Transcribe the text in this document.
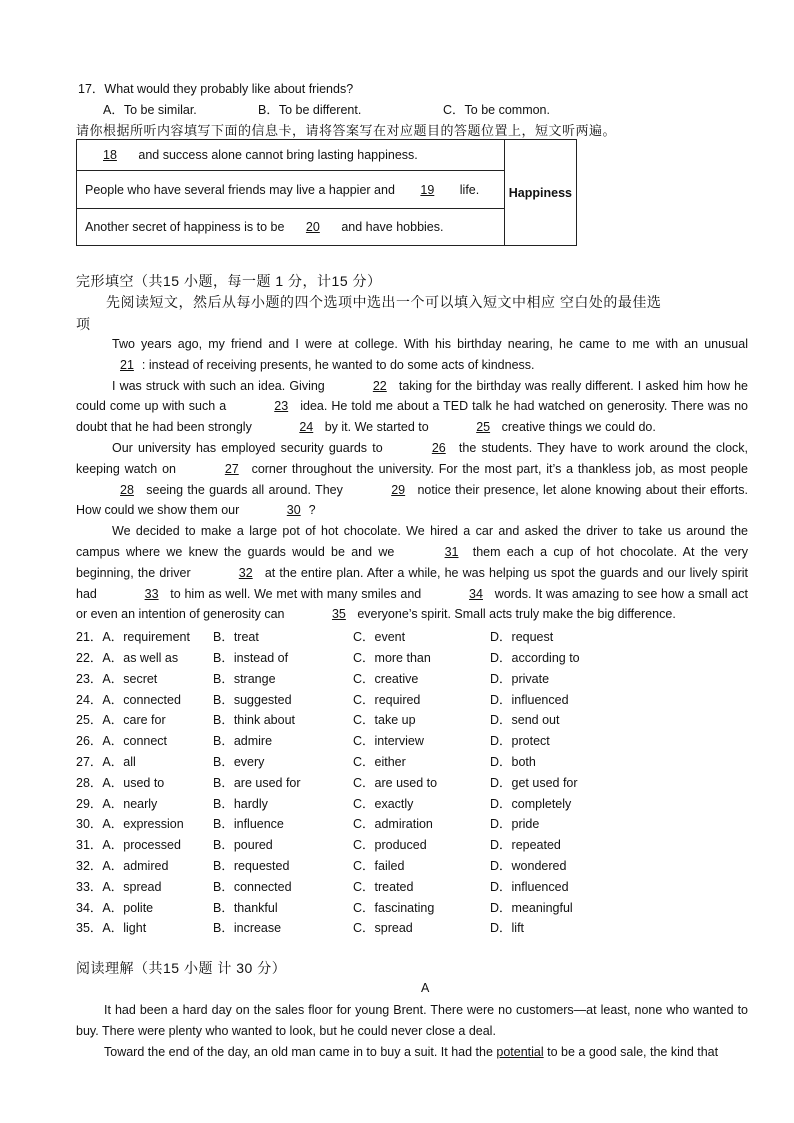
17．What would they probably like about friends?
A．To be similar.	B．To be different.	C．To be common.
请你根据所听内容填写下面的信息卡，请将答案写在对应题目的答题位置上，短文听两遍。
18 and success alone cannot bring lasting happiness.	Happiness
People who have several friends may live a happier and 19 life.
Another secret of happiness is to be 20 and have hobbies.
完形填空（共15 小题，每一题 1 分，计15 分）
先阅读短文，然后从每小题的四个选项中选出一个可以填入短文中相应 空白处的最佳选
项

Two years ago, my friend and I were at college. With his birthday nearing, he came to me with an unusual 21 : instead of receiving presents, he wanted to do some acts of kindness.

I was struck with such an idea. Giving	22 taking for the birthday was really different. I asked him how he could come up with such a	23 idea. He told me about a TED talk he had watched on generosity. There was no doubt that he had been strongly	24 by it. We started to	25 creative things we could do.

Our university has employed security guards to	26 the students. They have to work around the clock, keeping watch on	27 corner throughout the university. For the most part, it’s a thankless job, as most people 28 seeing the guards all around. They	29 notice their presence, let alone knowing about their efforts. How could we show them our	30 ?

We decided to make a large pot of hot chocolate. We hired a car and asked the driver to take us around the campus where we knew the guards would be and we	31 them each a cup of hot chocolate. At the very beginning, the driver	32 at the entire plan. After a while, he was helping us spot the guards and our lively spirit had	33 to him as well. We met with many smiles and	34 words. It was amazing to see how a small act or even an intention of generosity can	35 everyone’s spirit. Small acts truly make the big difference.

21．A．requirement B．treat	C．event	D．request
22．A．as well as	B．instead of	C．more than	D．according to
23．A．secret	B．strange	C．creative	D．private
24．A．connected	B．suggested	C．required	D．influenced
25．A．care for	B．think about	C．take up	D．send out
26．A．connect	B．admire	C．interview	D．protect
27．A．all	B．every	C．either	D．both
28．A．used to	B．are used for	C．are used to	D．get used for
29．A．nearly	B．hardly	C．exactly	D．completely
30．A．expression B．influence	C．admiration	D．pride
31．A．processed	B．poured	C．produced	D．repeated
32．A．admired	B．requested	C．failed	D．wondered
33．A．spread	B．connected	C．treated	D．influenced
34．A．polite	B．thankful	C．fascinating	D．meaningful
35．A．light	B．increase	C．spread	D．lift
阅读理解（共15 小题 计 30 分）
A

It had been a hard day on the sales floor for young Brent. There were no customers—at least, none who wanted to buy. There were plenty who wanted to look, but he could never close a deal.

Toward the end of the day, an old man came in to buy a suit. It had the potential to be a good sale, the kind that
